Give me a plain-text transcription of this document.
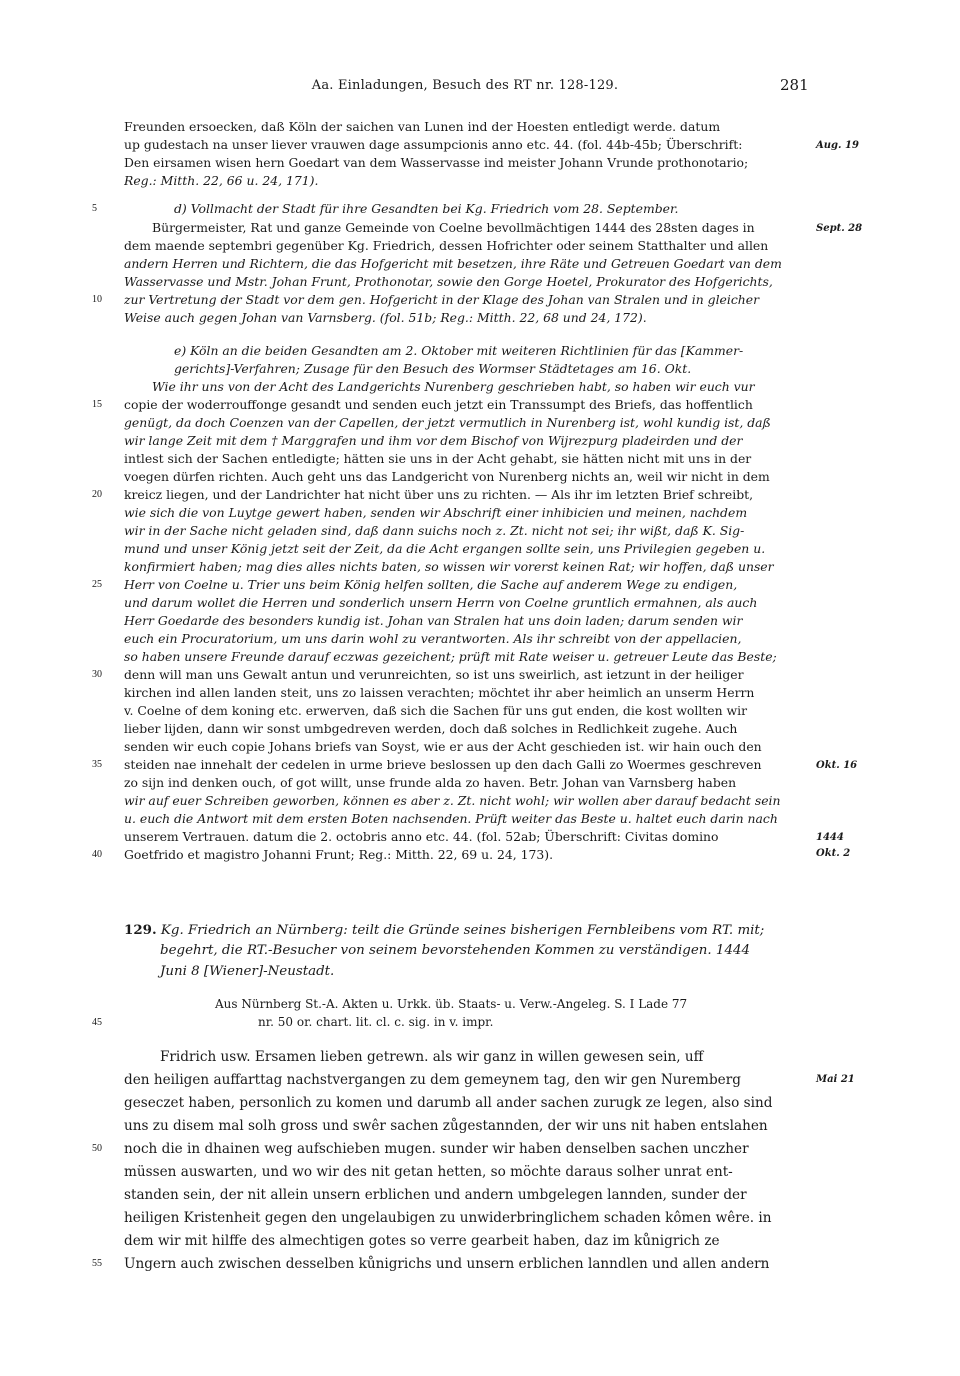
Aa. Einladungen, Besuch des RT nr. 128-129.	281
Freunden ersoecken, daß Köln der saichen van Lunen ind der Hoesten entledigt werde. datum
up gudestach na unser liever vrauwen dage assumpcionis anno etc. 44. (fol. 44b-45b; Überschrift:
Den eirsamen wisen hern Goedart van dem Wasservasse ind meister Johann Vrunde prothonotario;
Reg.: Mitth. 22, 66 u. 24, 171).
Aug. 19
5	d) Vollmacht der Stadt für ihre Gesandten bei Kg. Friedrich vom 28. September.
Bürgermeister, Rat und ganze Gemeinde von Coelne bevollmächtigen 1444 des 28sten dages in
dem maende septembri gegenüber Kg. Friedrich, dessen Hofrichter oder seinem Statthalter und allen
andern Herren und Richtern, die das Hofgericht mit besetzen, ihre Räte und Getreuen Goedart van dem
Wasservasse und Mstr. Johan Frunt, Prothonotar, sowie den Gorge Hoetel, Prokurator des Hofgerichts,
10	zur Vertretung der Stadt vor dem gen. Hofgericht in der Klage des Johan van Stralen und in gleicher
Weise auch gegen Johan van Varnsberg. (fol. 51b; Reg.: Mitth. 22, 68 und 24, 172).
Sept. 28
e) Köln an die beiden Gesandten am 2. Oktober mit weiteren Richtlinien für das [Kammer-
gerichts]-Verfahren; Zusage für den Besuch des Wormser Städtetages am 16. Okt.
Wie ihr uns von der Acht des Landgerichts Nurenberg geschrieben habt, so haben wir euch vur
copie der woderrouffonge gesandt und senden euch jetzt ein Transsumpt des Briefs, das hoffentlich
genügt, da doch Coenzen van der Capellen, der jetzt vermutlich in Nurenberg ist, wohl kundig ist, daß
wir lange Zeit mit dem † Marggrafen und ihm vor dem Bischof von Wijrezpurg pladeirden und der
intlest sich der Sachen entledigte; hätten sie uns in der Acht gehabt, sie hätten nicht mit uns in der
voegen dürfen richten. Auch geht uns das Landgericht von Nurenberg nichts an, weil wir nicht in dem
kreicz liegen, und der Landrichter hat nicht über uns zu richten. — Als ihr im letzten Brief schreibt,
wie sich die von Luytge gewert haben, senden wir Abschrift einer inhibicien und meinen, nachdem
wir in der Sache nicht geladen sind, daß dann suichs noch z. Zt. nicht not sei; ihr wißt, daß K. Sig-
mund und unser König jetzt seit der Zeit, da die Acht ergangen sollte sein, uns Privilegien gegeben u.
konfirmiert haben; mag dies alles nichts baten, so wissen wir vorerst keinen Rat; wir hoffen, daß unser
Herr von Coelne u. Trier uns beim König helfen sollten, die Sache auf anderem Wege zu endigen,
und darum wollet die Herren und sonderlich unsern Herrn von Coelne gruntlich ermahnen, als auch
Herr Goedarde des besonders kundig ist. Johan van Stralen hat uns doin laden; darum senden wir
euch ein Procuratorium, um uns darin wohl zu verantworten. Als ihr schreibt von der appellacien,
so haben unsere Freunde darauf eczwas gezeichent; prüft mit Rate weiser u. getreuer Leute das Beste;
denn will man uns Gewalt antun und verunreichten, so ist uns sweirlich, ast ietzunt in der heiliger
kirchen ind allen landen steit, uns zo laissen verachten; möchtet ihr aber heimlich an unserm Herrn
v. Coelne of dem koning etc. erwerven, daß sich die Sachen für uns gut enden, die kost wollten wir
lieber lijden, dann wir sonst umbgedreven werden, doch daß solches in Redlichkeit zugehe. Auch
senden wir euch copie Johans briefs van Soyst, wie er aus der Acht geschieden ist. wir hain ouch den
steiden nae innehalt der cedelen in urme brieve beslossen up den dach Galli zo Woermes geschreven
zo sijn ind denken ouch, of got willt, unse frunde alda zo haven. Betr. Johan van Varnsberg haben
wir auf euer Schreiben geworben, können es aber z. Zt. nicht wohl; wir wollen aber darauf bedacht sein
u. euch die Antwort mit dem ersten Boten nachsenden. Prüft weiter das Beste u. haltet euch darin nach
unserem Vertrauen. datum die 2. octobris anno etc. 44. (fol. 52ab; Überschrift: Civitas domino
Goetfrido et magistro Johanni Frunt; Reg.: Mitth. 22, 69 u. 24, 173).
15
20
25
30
35
40
Okt. 16
1444
Okt. 2
129. Kg. Friedrich an Nürnberg: teilt die Gründe seines bisherigen Fernbleibens vom RT. mit;
begehrt, die RT.-Besucher von seinem bevorstehenden Kommen zu verständigen. 1444
Juni 8 [Wiener]-Neustadt.
Aus Nürnberg St.-A. Akten u. Urkk. üb. Staats- u. Verw.-Angeleg. S. I Lade 77
nr. 50 or. chart. lit. cl. c. sig. in v. impr.
45
Fridrich usw. Ersamen lieben getrewn. als wir ganz in willen gewesen sein, uff
den heiligen auffarttag nachstvergangen zu dem gemeynem tag, den wir gen Nuremberg
geseczet haben, personlich zu komen und darumb all ander sachen zurugk ze legen, also sind
uns zu disem mal solh gross und swêr sachen zůgestannden, der wir uns nit haben entslahen
noch die in dhainen weg aufschieben mugen. sunder wir haben denselben sachen unczher
müssen auswarten, und wo wir des nit getan hetten, so möchte daraus solher unrat ent-
standen sein, der nit allein unsern erblichen und andern umbgelegen lannden, sunder der
heiligen Kristenheit gegen den ungelaubigen zu unwiderbringlichem schaden kômen wêre. in
dem wir mit hilffe des almechtigen gotes so verre gearbeit haben, daz im kůnigrich ze
Ungern auch zwischen desselben kůnigrichs und unsern erblichen lanndlen und allen andern
50
55
Mai 21
